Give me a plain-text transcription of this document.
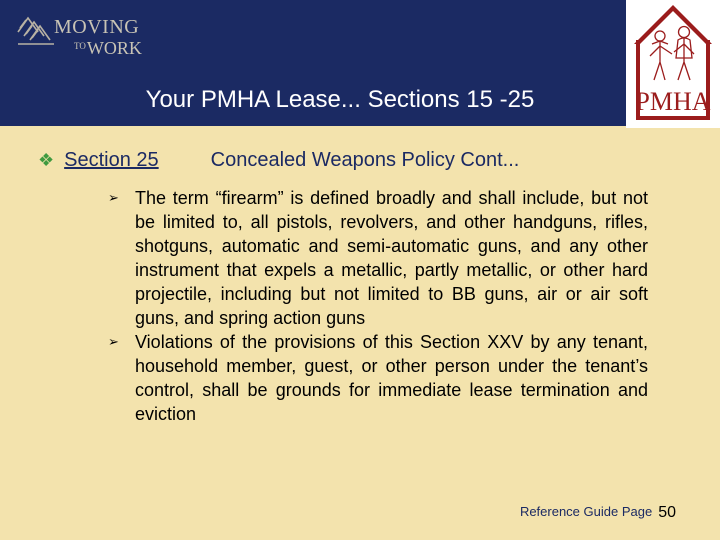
MOVING
$^{TO}$WORK
Your PMHA Lease... Sections 15 -25	PMHA
❖ Section 25	Concealed Weapons Policy Cont...
➢ The term “firearm” is defined broadly and shall include, but not be limited to, all pistols, revolvers, and other handguns, rifles, shotguns, automatic and semi-automatic guns, and any other instrument that expels a metallic, partly metallic, or other hard projectile, including but not limited to BB guns, air or air soft guns, and spring action guns
➢ Violations of the provisions of this Section XXV by any tenant, household member, guest, or other person under the tenant’s control, shall be grounds for immediate lease termination and eviction
Reference Guide Page 50
